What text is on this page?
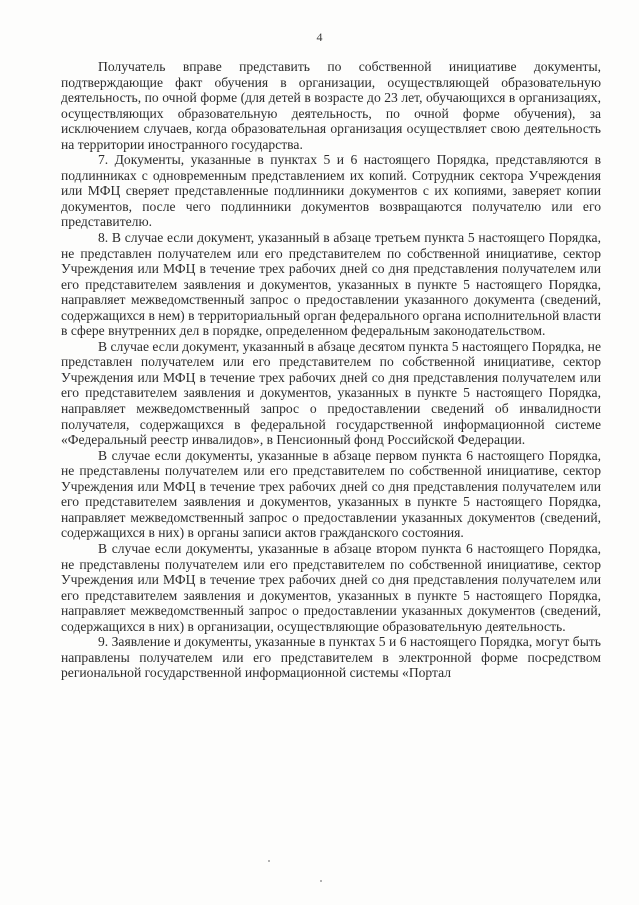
4

Получатель вправе представить по собственной инициативе документы, подтверждающие факт обучения в организации, осуществляющей образовательную деятельность, по очной форме (для детей в возрасте до 23 лет, обучающихся в организациях, осуществляющих образовательную деятельность, по очной форме обучения), за исключением случаев, когда образовательная организация осуществляет свою деятельность на территории иностранного государства.

7. Документы, указанные в пунктах 5 и 6 настоящего Порядка, представляются в подлинниках с одновременным представлением их копий. Сотрудник сектора Учреждения или МФЦ сверяет представленные подлинники документов с их копиями, заверяет копии документов, после чего подлинники документов возвращаются получателю или его представителю.

8. В случае если документ, указанный в абзаце третьем пункта 5 настоящего Порядка, не представлен получателем или его представителем по собственной инициативе, сектор Учреждения или МФЦ в течение трех рабочих дней со дня представления получателем или его представителем заявления и документов, указанных в пункте 5 настоящего Порядка, направляет межведомственный запрос о предоставлении указанного документа (сведений, содержащихся в нем) в территориальный орган федерального органа исполнительной власти в сфере внутренних дел в порядке, определенном федеральным законодательством.

В случае если документ, указанный в абзаце десятом пункта 5 настоящего Порядка, не представлен получателем или его представителем по собственной инициативе, сектор Учреждения или МФЦ в течение трех рабочих дней со дня представления получателем или его представителем заявления и документов, указанных в пункте 5 настоящего Порядка, направляет межведомственный запрос о предоставлении сведений об инвалидности получателя, содержащихся в федеральной государственной информационной системе «Федеральный реестр инвалидов», в Пенсионный фонд Российской Федерации.

В случае если документы, указанные в абзаце первом пункта 6 настоящего Порядка, не представлены получателем или его представителем по собственной инициативе, сектор Учреждения или МФЦ в течение трех рабочих дней со дня представления получателем или его представителем заявления и документов, указанных в пункте 5 настоящего Порядка, направляет межведомственный запрос о предоставлении указанных документов (сведений, содержащихся в них) в органы записи актов гражданского состояния.

В случае если документы, указанные в абзаце втором пункта 6 настоящего Порядка, не представлены получателем или его представителем по собственной инициативе, сектор Учреждения или МФЦ в течение трех рабочих дней со дня представления получателем или его представителем заявления и документов, указанных в пункте 5 настоящего Порядка, направляет межведомственный запрос о предоставлении указанных документов (сведений, содержащихся в них) в организации, осуществляющие образовательную деятельность.

9. Заявление и документы, указанные в пунктах 5 и 6 настоящего Порядка, могут быть направлены получателем или его представителем в электронной форме посредством региональной государственной информационной системы «Портал
